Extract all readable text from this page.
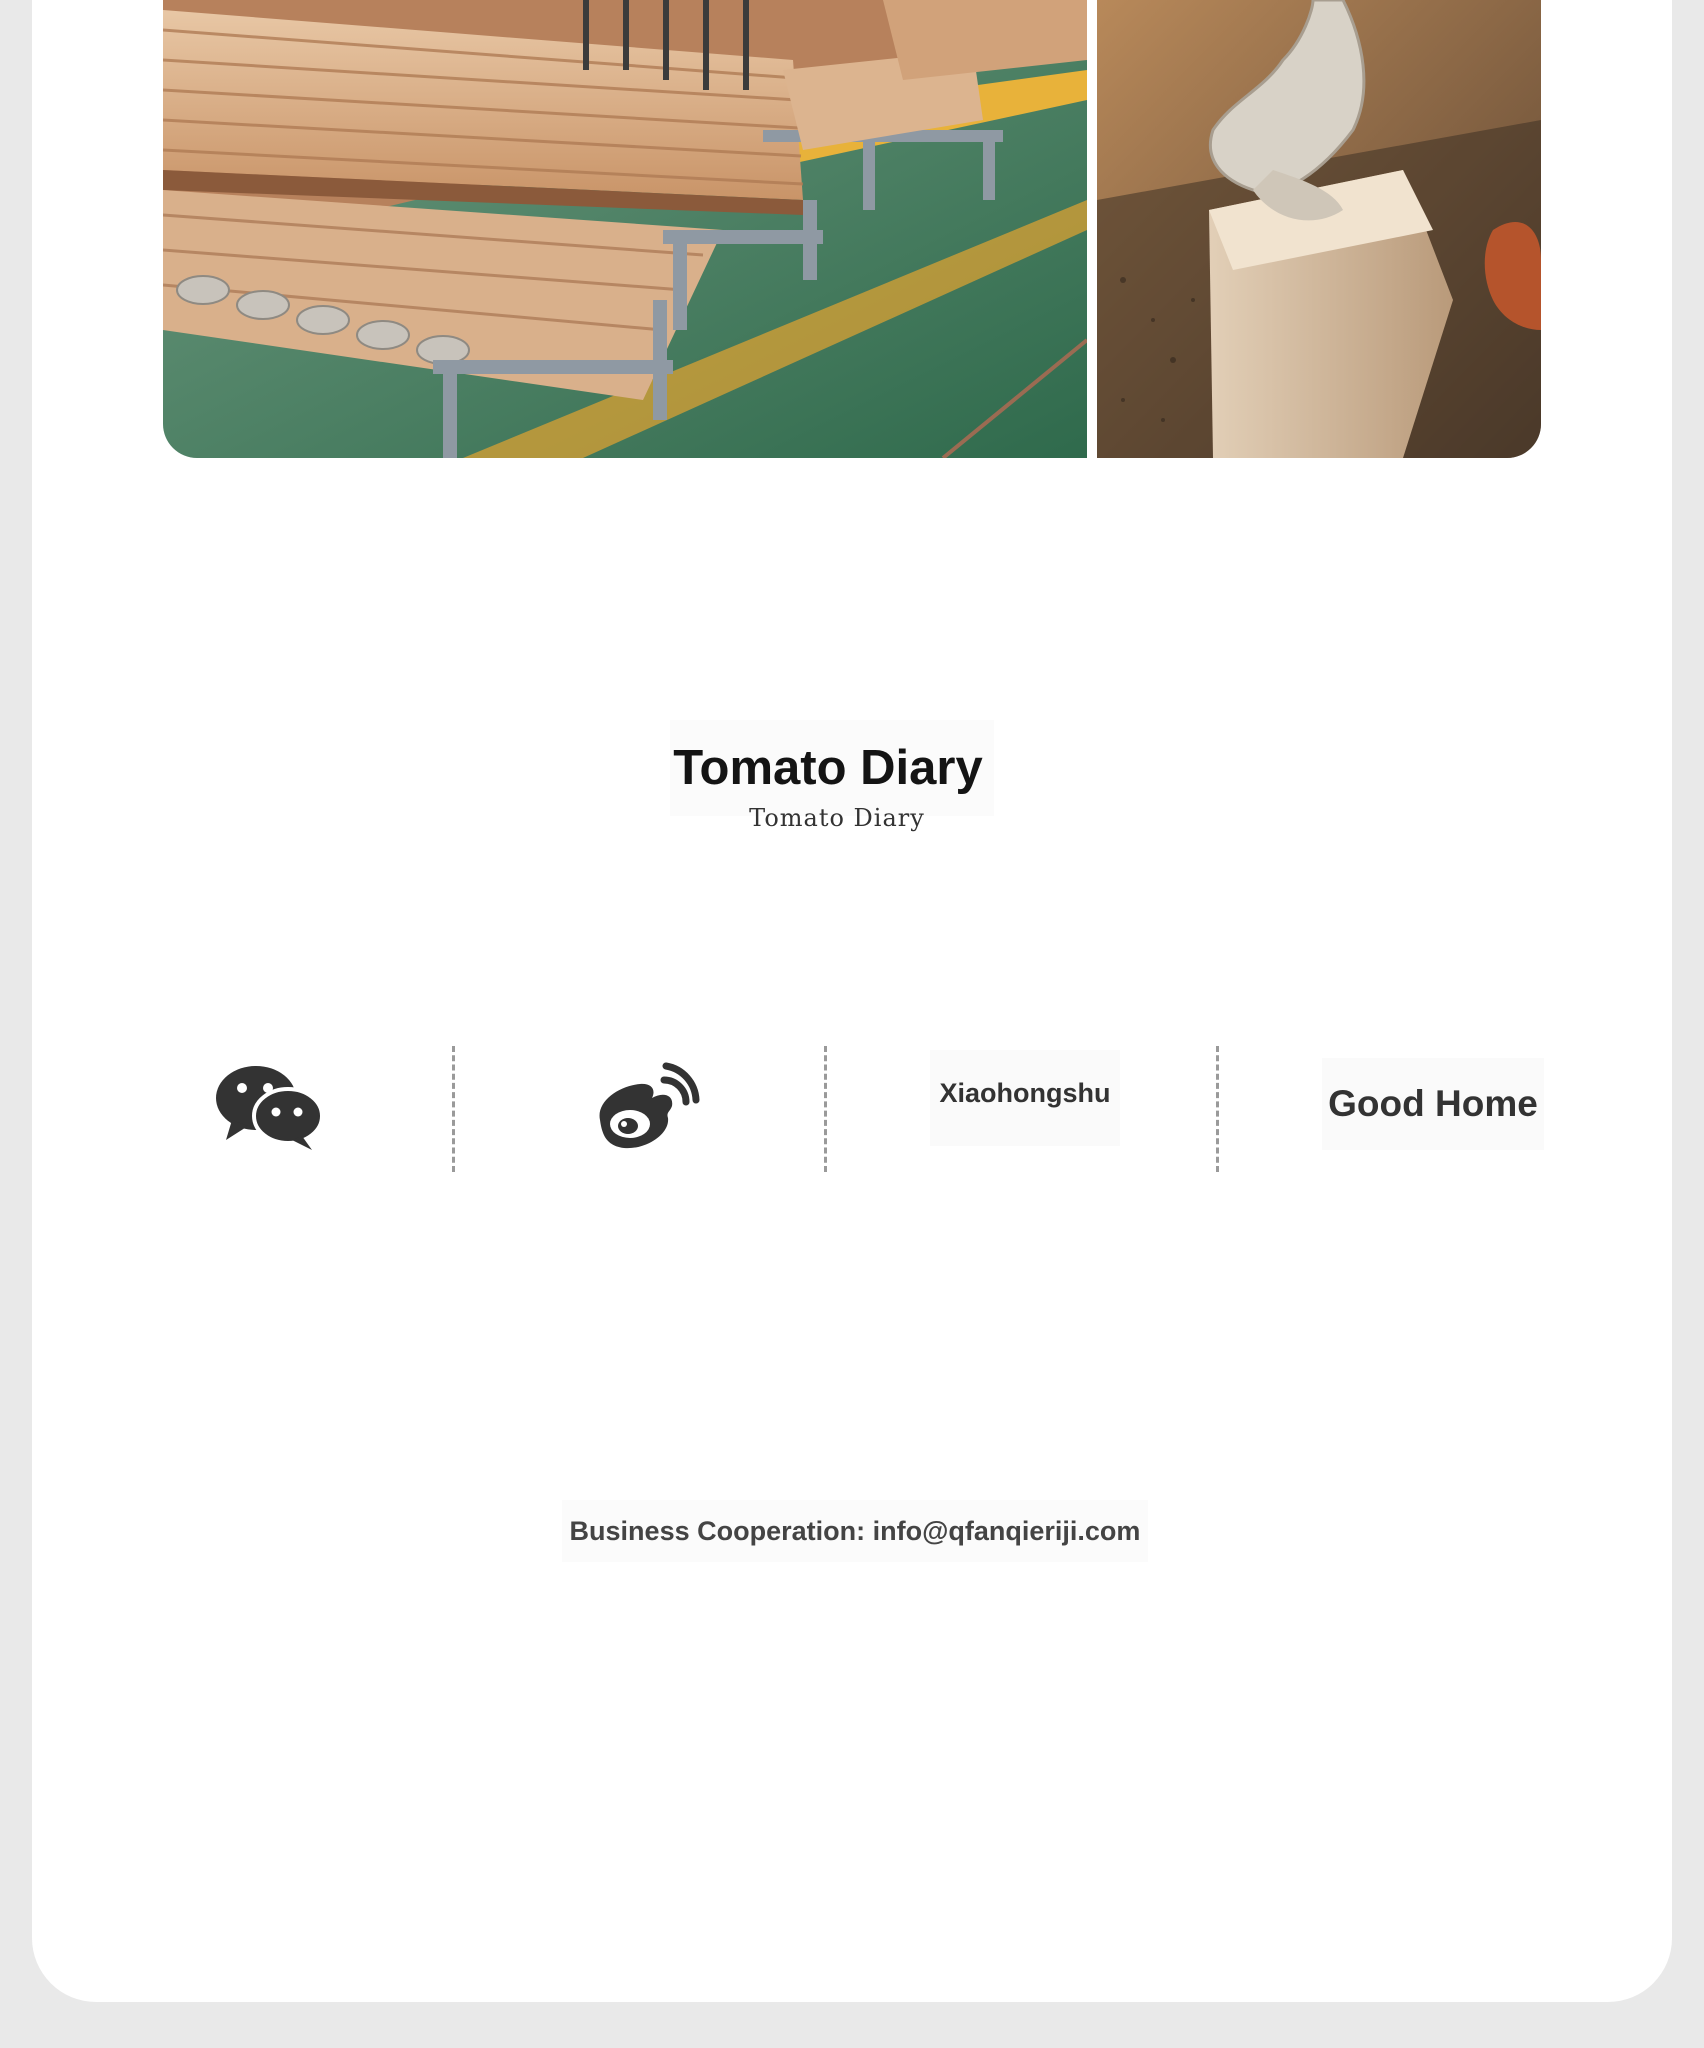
Tomato Diary
Tomato Diary
Xiaohongshu	Good Home
Business Cooperation: info@qfanqieriji.com
